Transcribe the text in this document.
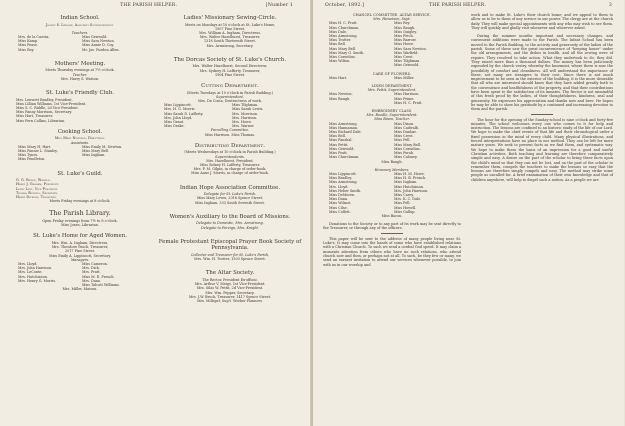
THE PARISH HELPER.	[Number 1
Indian School.
Joseph S. Lindsay, Assistant Superintendent.
Teachers.
Mrs. de la Cuesta.	Miss Griswold.
Miss Kamp.	Miss Sara Newton.
Miss Pease.	Miss Annie D. Coy.
Miss Rey.	Mr. Jas. Purdon Allen.
Mothers' Meeting.
Meets Thursday evenings at 7½ o'clock.
Teacher.
Mrs. Harry S. Watson.
St. Luke's Friendly Club.
Mrs. Lenwett Bradley, President.
Miss Lillian Williams, 1st Vice-President.
Miss S. C. Riddle, 2d Vice-President.
Miss Fanny Morrison, Secretary.
Miss Hart, Treasurer.
Miss Fern Collins, Librarian.
Cooking School.
Miss Mary Newbold, Directress.
Assistants.
Miss Mary H. Hart.	Miss Emily M. Newton.
Miss Fannie L. Stanley.	Miss Mary Bell.
Miss Tynes.	Miss Ingham.
Miss Pendleton.
St. Luke's Guild.
G. G. Ripley, Warden.
Harry J. Graham, President.
Lewis Levy, Vice-President.
Thomas Russell, Secretary.
Harry Dickson, Treasurer.
Meets Friday evenings at 8 o'clock.
The Parish Library.
Open Friday evenings from 7½ to 8 o'clock.
Miss Jones, Librarian.
St. Luke's Home for Aged Women.
Mrs. Wm. A. Ingham, Directress.
Mrs. Theodore Pasch, Treasurer,
2017 Pine Street.
Miss Emily A. Lippincott, Secretary.
Managers.
Mrs. Lloyd.	Miss Cameron.
Mrs. John Harrison.	Mrs. Dick.
Mrs. LeConte.	Mrs. Pratt.
Mrs. Hutchinson.	Miss M. E. French.
Mrs. Henry G. Morris.	Mrs. Dana.
Miss Talcott Williams.
Mrs. Miller, Matron.
Ladies' Missionary Sewing-Circle.
Meets on Mondays at 10 o'clock at St. Luke's Home,
1507 Pine Street.
Mrs. William A. Ingham, Directress.
Mrs. Walter Hazelhurst, Treasurer,
1318 South Thirteenth Street.
Mrs. Armstrong, Secretary.
The Dorcas Society of St. Luke's Church.
Mrs. Walter Hazelhurst, Second Directress.
Mrs. Sydney H. Lafferty, Treasurer,
1904 Pine Street.
Cutting Department.
(Meets Tuesdays at 10 o'clock in Parish Building.)
Superintendent.
Mrs. Da Costa, Destructress of work.
Miss Lippincott.	Miss Tilghman.
Mrs. H. G. Morris.	Miss Sarah Lewis.
Miss Sarah D. Lafferty.	Mrs. Morrison.
Mrs. John Lloyd.	Mrs. Harrison.
Miss Grant.	Mrs. Howe.
Miss Drake.	Mrs. Warner.
Parcelling Committee.
Miss Harrison. Miss Thomas.
Distributing Department.
(Meets Wednesdays at 10 o'clock in Parish Building.)
Superintendents.
Mrs. Hazelhurst, President.
Miss Sidney H. Lafferty, Treasurer.
Mrs. F. M. Gilpin, in charge of order-book.
Miss Anne J. Morris, in charge of order-book.
Indian Hope Association Committee.
Delegate for St. Luke's Parish.
Miss Mary Lewis, 2016 Spruce Street.
Miss Ingham, 333 South Seventh Street.
Women's Auxiliary to the Board of Missions.
Delegate to Domestic, Mrs. Armstrong.
Delegate to Foreign, Mrs. Knight.
Female Protestant Episcopal Prayer Book Society of Pennsylvania.
Collector and Treasurer for St. Luke's Parish,
Mrs. Wm. H. Trotter, 1303 Spruce Street.
The Altar Society.
The Rector, President Ex-officio.
Mrs. Arthur V. Meigs, 1st Vice-President.
Mrs. Silas W. Pettit, 2d Vice-President.
Mrs. Wm. Pepper, Secretary.
Mrs. J.W. Brock, Treasurer, 1417 Spruce Street.
Mrs. Millspel, Sup't. Worker Planners.
October, 1892.]	THE PARISH HELPER.	3
CHANCEL COMMITTEE. ALTAR SERVICE.
Mrs. Hewetson, Supt.
Miss H. C. Pratt.	Miss Rey.
Miss Churchman.	Miss Baugh.
Miss Dale.	Miss Quigley.
Miss Armstrong.	Miss Fetch.
Miss Trotter.	Miss Barrow.
Miss Bell.	Miss Howe.
Miss Mary Bell.	Miss Sara Newton.
Miss Mary G. Smith.	Miss Warfield.
Miss Cornelius.	Miss Crest.
Miss Wilton.	Miss Tilghman.
Miss Griswold.
CARE OF FLOWERS.
Miss Hart.	Miss Miller.
LINEN DEPARTMENT.
Mrs. Pettit, Superintendent.
Miss Newton.	Miss Harrison.
Miss Baugh.	Miss Prime.
Miss H. C. Pratt.
EMBROIDERY CLASS.
Mrs. Boodle, Superintendent.
Miss Baum, Teacher.
Miss Armstrong.	Miss Dixon.
Miss Hannaman.	Miss Cadwalb.
Miss Richard Dale.	Miss Dunbar.
Miss Bell.	Miss Crest.
Miss Fanshal.	Miss Pell.
Miss Pettit.	Miss Mary Bell.
Miss Griswold.	Miss Cornelius.
Miss Pratt.	Miss Ferah.
Miss Churchman.	Miss Caloney.
Miss Baugh.
Honorary Members.
Miss Lippincott.	Miss H. M. Howe.
Miss Bradley.	Miss H. B. French.
Miss Armstrong.	Miss Ingham.
Mrs. Lloyd.	Miss Hutchinson.
Miss Heber Smith.	Mrs. John Harrison.
Miss DeMoren.	Miss Carey.
Miss Dana.	Mrs. K. C. Dale.
Miss Wilmot.	Miss Pell.
Miss Cilse.	Miss Howell.
Miss Collett.	Miss Gallup.
Miss Bacon.

Donations to the Society or to any part of its work may be sent directly to the Treasurer, or through any of the officers.

This paper will be sent to the address of many people living near St. Luke's. It may come into the hands of some who have established relations with a Christian Church. To such we send a cordial God speed. It may claim a moments attention from others who have no such relations, who attend church now and then, or perhaps not at all. To such, be they few or many, we send an earnest invitation to attend our services whenever possible, to join with us in our worship and

work and to make St. Luke's their church home; and we appeal to them to allow us to be to them of any service in our power. The clergy are at the church daily. They will make special appointments with any who may wish to see them. They will quickly and gladly visit whenever and wherever asked.

During the summer months important and necessary changes, and convenient additions were made to the Parish. The Infant School has been moved to the Parish Building, to the activity and generosity of the ladies of the parish. Some of these saw the great inconvenience of "keeping house" under the old arrangements, and the dishes in health, and all the sewing were of repairs. They resolved to take action. What they undertook to do, they did. They raised more than a thousand dollars. The money has been judiciously expended by the church vestry, whereby the basement, where there is now the possibility of comfort and cleanliness. All will understand the importance of these; not many are strangers to their cost. Since there is not much improvement to be seen in the exterior of the building, it is the more desirable that all who are interested should know that they have added greatly both to the convenience and healthfulness of the property, and that their contributions have been spent to the satisfaction of its inmates. The Rector is not unmindful of this fresh proof by the ladies, of their thoughtfulness, kindness, zeal and generosity. He expresses his appreciation and thanks now and here. He hopes he may be able to show his gratitude by a continued and increasing devotion to them and the parish.

The hour for the opening of the Sunday-school is nine o'clock and forty-five minutes. The school welcomes every one who comes to it for help and instruction. The lessons are confined to an historic study of the life of our Lord. We hope to make the chief events of that life and their chronological order a fixed possession in the mind of every child. Many physical illustrations, and forced interpretations have no place in our method. They can be left for more mature years. We seek to present facts as we find them, and systematic way. We hope to make these the basis of an impression for a good and useful Christian activities. Both teaching and learning are therefore comparatively simple and easy. A desire on the part of the scholar to bring these facts upon the child's mind so that they can not be lost, and on the part of the scholar to remember them, compels the teachers to make the lessons so easy that the lessons are therefore simply compels and easy. The method may strike some people as uncalled for. A brief examination of their own knowledge and that of children anywhere, will help to dispel such a notion. As a people we are
